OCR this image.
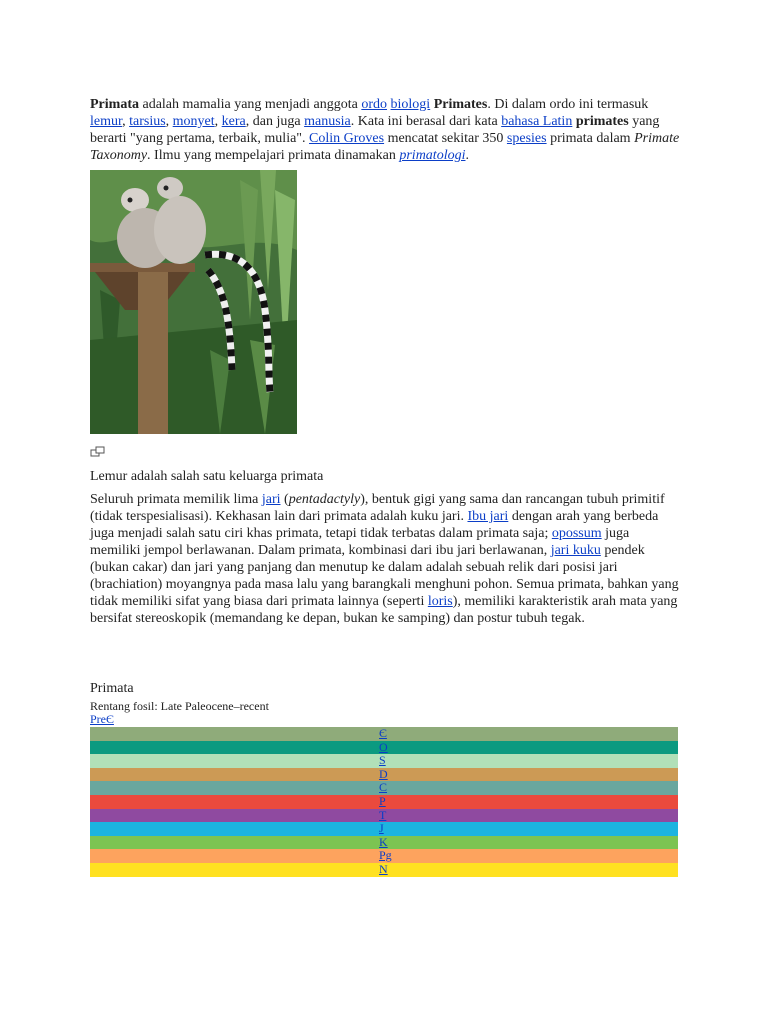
Primata adalah mamalia yang menjadi anggota ordo biologi Primates. Di dalam ordo ini termasuk lemur, tarsius, monyet, kera, dan juga manusia. Kata ini berasal dari kata bahasa Latin primates yang berarti "yang pertama, terbaik, mulia". Colin Groves mencatat sekitar 350 spesies primata dalam Primate Taxonomy. Ilmu yang mempelajari primata dinamakan primatologi.

Lemur adalah salah satu keluarga primata

Seluruh primata memilik lima jari (pentadactyly), bentuk gigi yang sama dan rancangan tubuh primitif (tidak terspesialisasi). Kekhasan lain dari primata adalah kuku jari. Ibu jari dengan arah yang berbeda juga menjadi salah satu ciri khas primata, tetapi tidak terbatas dalam primata saja; opossum juga memiliki jempol berlawanan. Dalam primata, kombinasi dari ibu jari berlawanan, jari kuku pendek (bukan cakar) dan jari yang panjang dan menutup ke dalam adalah sebuah relik dari posisi jari (brachiation) moyangnya pada masa lalu yang barangkali menghuni pohon. Semua primata, bahkan yang tidak memiliki sifat yang biasa dari primata lainnya (seperti loris), memiliki karakteristik arah mata yang bersifat stereoskopik (memandang ke depan, bukan ke samping) dan postur tubuh tegak.

Primata
Rentang fosil: Late Paleocene–recent
PreЄ
Є
O
S
D
C
P
T
J
K
Pg
N
